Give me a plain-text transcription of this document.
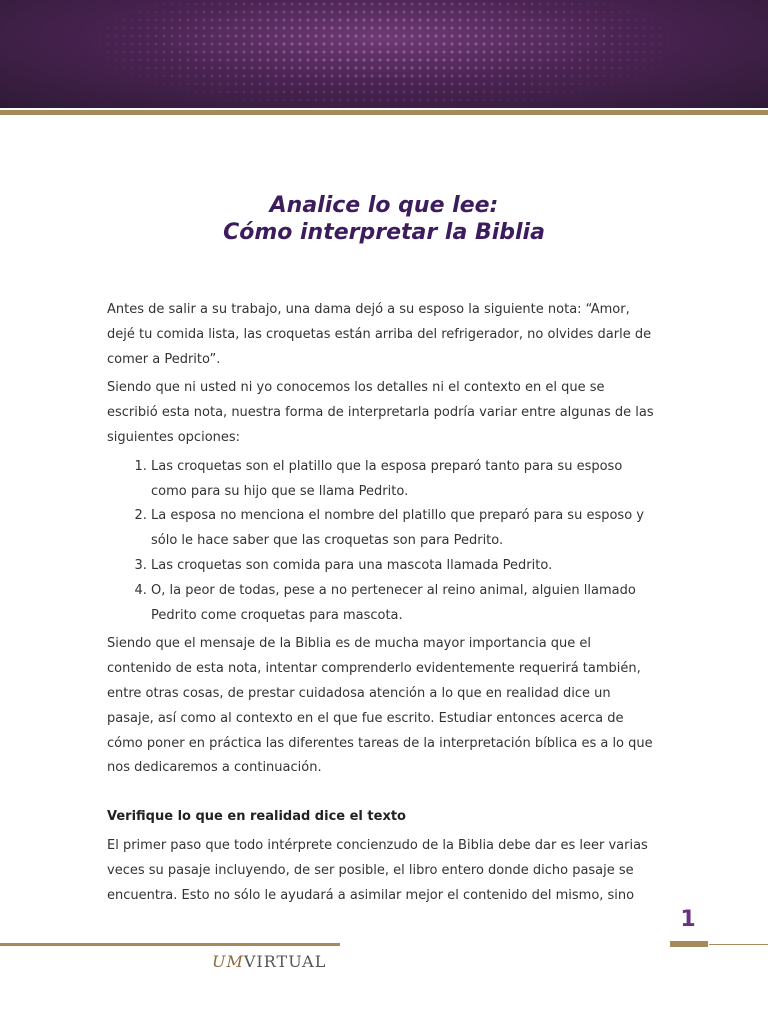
Analice lo que lee:
Cómo interpretar la Biblia

Antes de salir a su trabajo, una dama dejó a su esposo la siguiente nota: “Amor, dejé tu comida lista, las croquetas están arriba del refrigerador, no olvides darle de comer a Pedrito”.

Siendo que ni usted ni yo conocemos los detalles ni el contexto en el que se escribió esta nota, nuestra forma de interpretarla podría variar entre algunas de las siguientes opciones:

1. Las croquetas son el platillo que la esposa preparó tanto para su esposo como para su hijo que se llama Pedrito.
2. La esposa no menciona el nombre del platillo que preparó para su esposo y sólo le hace saber que las croquetas son para Pedrito.
3. Las croquetas son comida para una mascota llamada Pedrito.
4. O, la peor de todas, pese a no pertenecer al reino animal, alguien llamado Pedrito come croquetas para mascota.

Siendo que el mensaje de la Biblia es de mucha mayor importancia que el contenido de esta nota, intentar comprenderlo evidentemente requerirá también, entre otras cosas, de prestar cuidadosa atención a lo que en realidad dice un pasaje, así como al contexto en el que fue escrito. Estudiar entonces acerca de cómo poner en práctica las diferentes tareas de la interpretación bíblica es a lo que nos dedicaremos a continuación.

Verifique lo que en realidad dice el texto

El primer paso que todo intérprete concienzudo de la Biblia debe dar es leer varias veces su pasaje incluyendo, de ser posible, el libro entero donde dicho pasaje se encuentra. Esto no sólo le ayudará a asimilar mejor el contenido del mismo, sino

1
UMVIRTUAL
